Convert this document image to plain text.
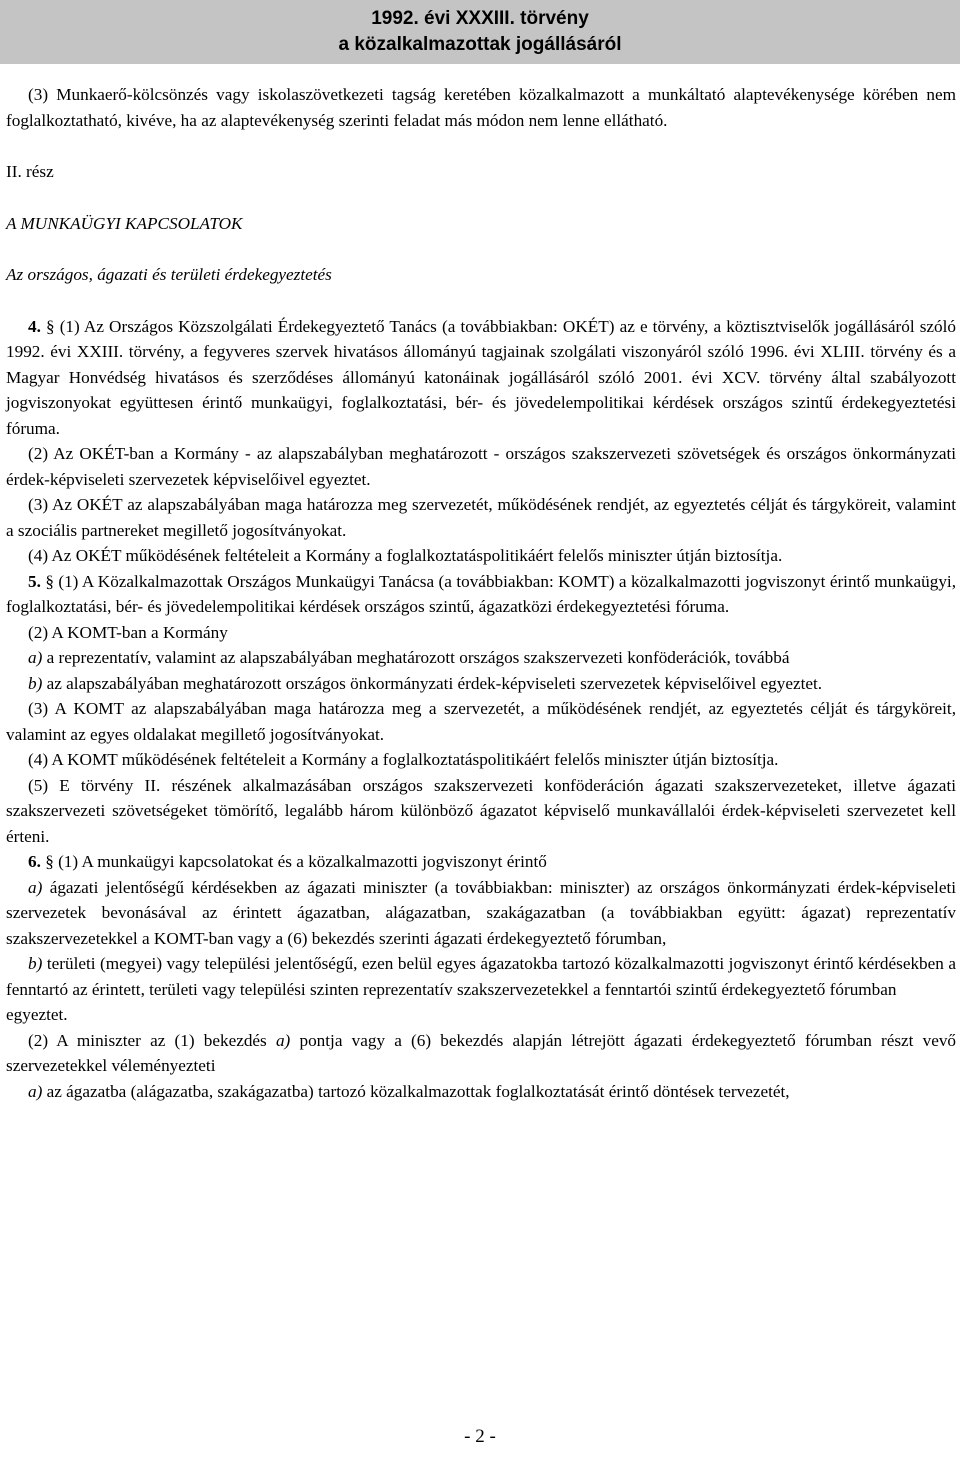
1992. évi XXXIII. törvény
a közalkalmazottak jogállásáról

(3) Munkaerő-kölcsönzés vagy iskolaszövetkezeti tagság keretében közalkalmazott a munkáltató alaptevékenysége körében nem foglalkoztatható, kivéve, ha az alaptevékenység szerinti feladat más módon nem lenne ellátható.

II. rész

A MUNKAÜGYI KAPCSOLATOK

Az országos, ágazati és területi érdekegyeztetés

4. § (1) Az Országos Közszolgálati Érdekegyeztető Tanács (a továbbiakban: OKÉT) az e törvény, a köztisztviselők jogállásáról szóló 1992. évi XXIII. törvény, a fegyveres szervek hivatásos állományú tagjainak szolgálati viszonyáról szóló 1996. évi XLIII. törvény és a Magyar Honvédség hivatásos és szerződéses állományú katonáinak jogállásáról szóló 2001. évi XCV. törvény által szabályozott jogviszonyokat együttesen érintő munkaügyi, foglalkoztatási, bér- és jövedelempolitikai kérdések országos szintű érdekegyeztetési fóruma.

(2) Az OKÉT-ban a Kormány - az alapszabályban meghatározott - országos szakszervezeti szövetségek és országos önkormányzati érdek-képviseleti szervezetek képviselőivel egyeztet.

(3) Az OKÉT az alapszabályában maga határozza meg szervezetét, működésének rendjét, az egyeztetés célját és tárgyköreit, valamint a szociális partnereket megillető jogosítványokat.

(4) Az OKÉT működésének feltételeit a Kormány a foglalkoztatáspolitikáért felelős miniszter útján biztosítja.

5. § (1) A Közalkalmazottak Országos Munkaügyi Tanácsa (a továbbiakban: KOMT) a közalkalmazotti jogviszonyt érintő munkaügyi, foglalkoztatási, bér- és jövedelempolitikai kérdések országos szintű, ágazatközi érdekegyeztetési fóruma.

(2) A KOMT-ban a Kormány

a) a reprezentatív, valamint az alapszabályában meghatározott országos szakszervezeti konföderációk, továbbá

b) az alapszabályában meghatározott országos önkormányzati érdek-képviseleti szervezetek képviselőivel egyeztet.

(3) A KOMT az alapszabályában maga határozza meg a szervezetét, a működésének rendjét, az egyeztetés célját és tárgyköreit, valamint az egyes oldalakat megillető jogosítványokat.

(4) A KOMT működésének feltételeit a Kormány a foglalkoztatáspolitikáért felelős miniszter útján biztosítja.

(5) E törvény II. részének alkalmazásában országos szakszervezeti konföderáción ágazati szakszervezeteket, illetve ágazati szakszervezeti szövetségeket tömörítő, legalább három különböző ágazatot képviselő munkavállalói érdek-képviseleti szervezetet kell érteni.

6. § (1) A munkaügyi kapcsolatokat és a közalkalmazotti jogviszonyt érintő

a) ágazati jelentőségű kérdésekben az ágazati miniszter (a továbbiakban: miniszter) az országos önkormányzati érdek-képviseleti szervezetek bevonásával az érintett ágazatban, alágazatban, szakágazatban (a továbbiakban együtt: ágazat) reprezentatív szakszervezetekkel a KOMT-ban vagy a (6) bekezdés szerinti ágazati érdekegyeztető fórumban,

b) területi (megyei) vagy települési jelentőségű, ezen belül egyes ágazatokba tartozó közalkalmazotti jogviszonyt érintő kérdésekben a fenntartó az érintett, területi vagy települési szinten reprezentatív szakszervezetekkel a fenntartói szintű érdekegyeztető fórumban

egyeztet.

(2) A miniszter az (1) bekezdés a) pontja vagy a (6) bekezdés alapján létrejött ágazati érdekegyeztető fórumban részt vevő szervezetekkel véleményezteti

a) az ágazatba (alágazatba, szakágazatba) tartozó közalkalmazottak foglalkoztatását érintő döntések tervezetét,

- 2 -
